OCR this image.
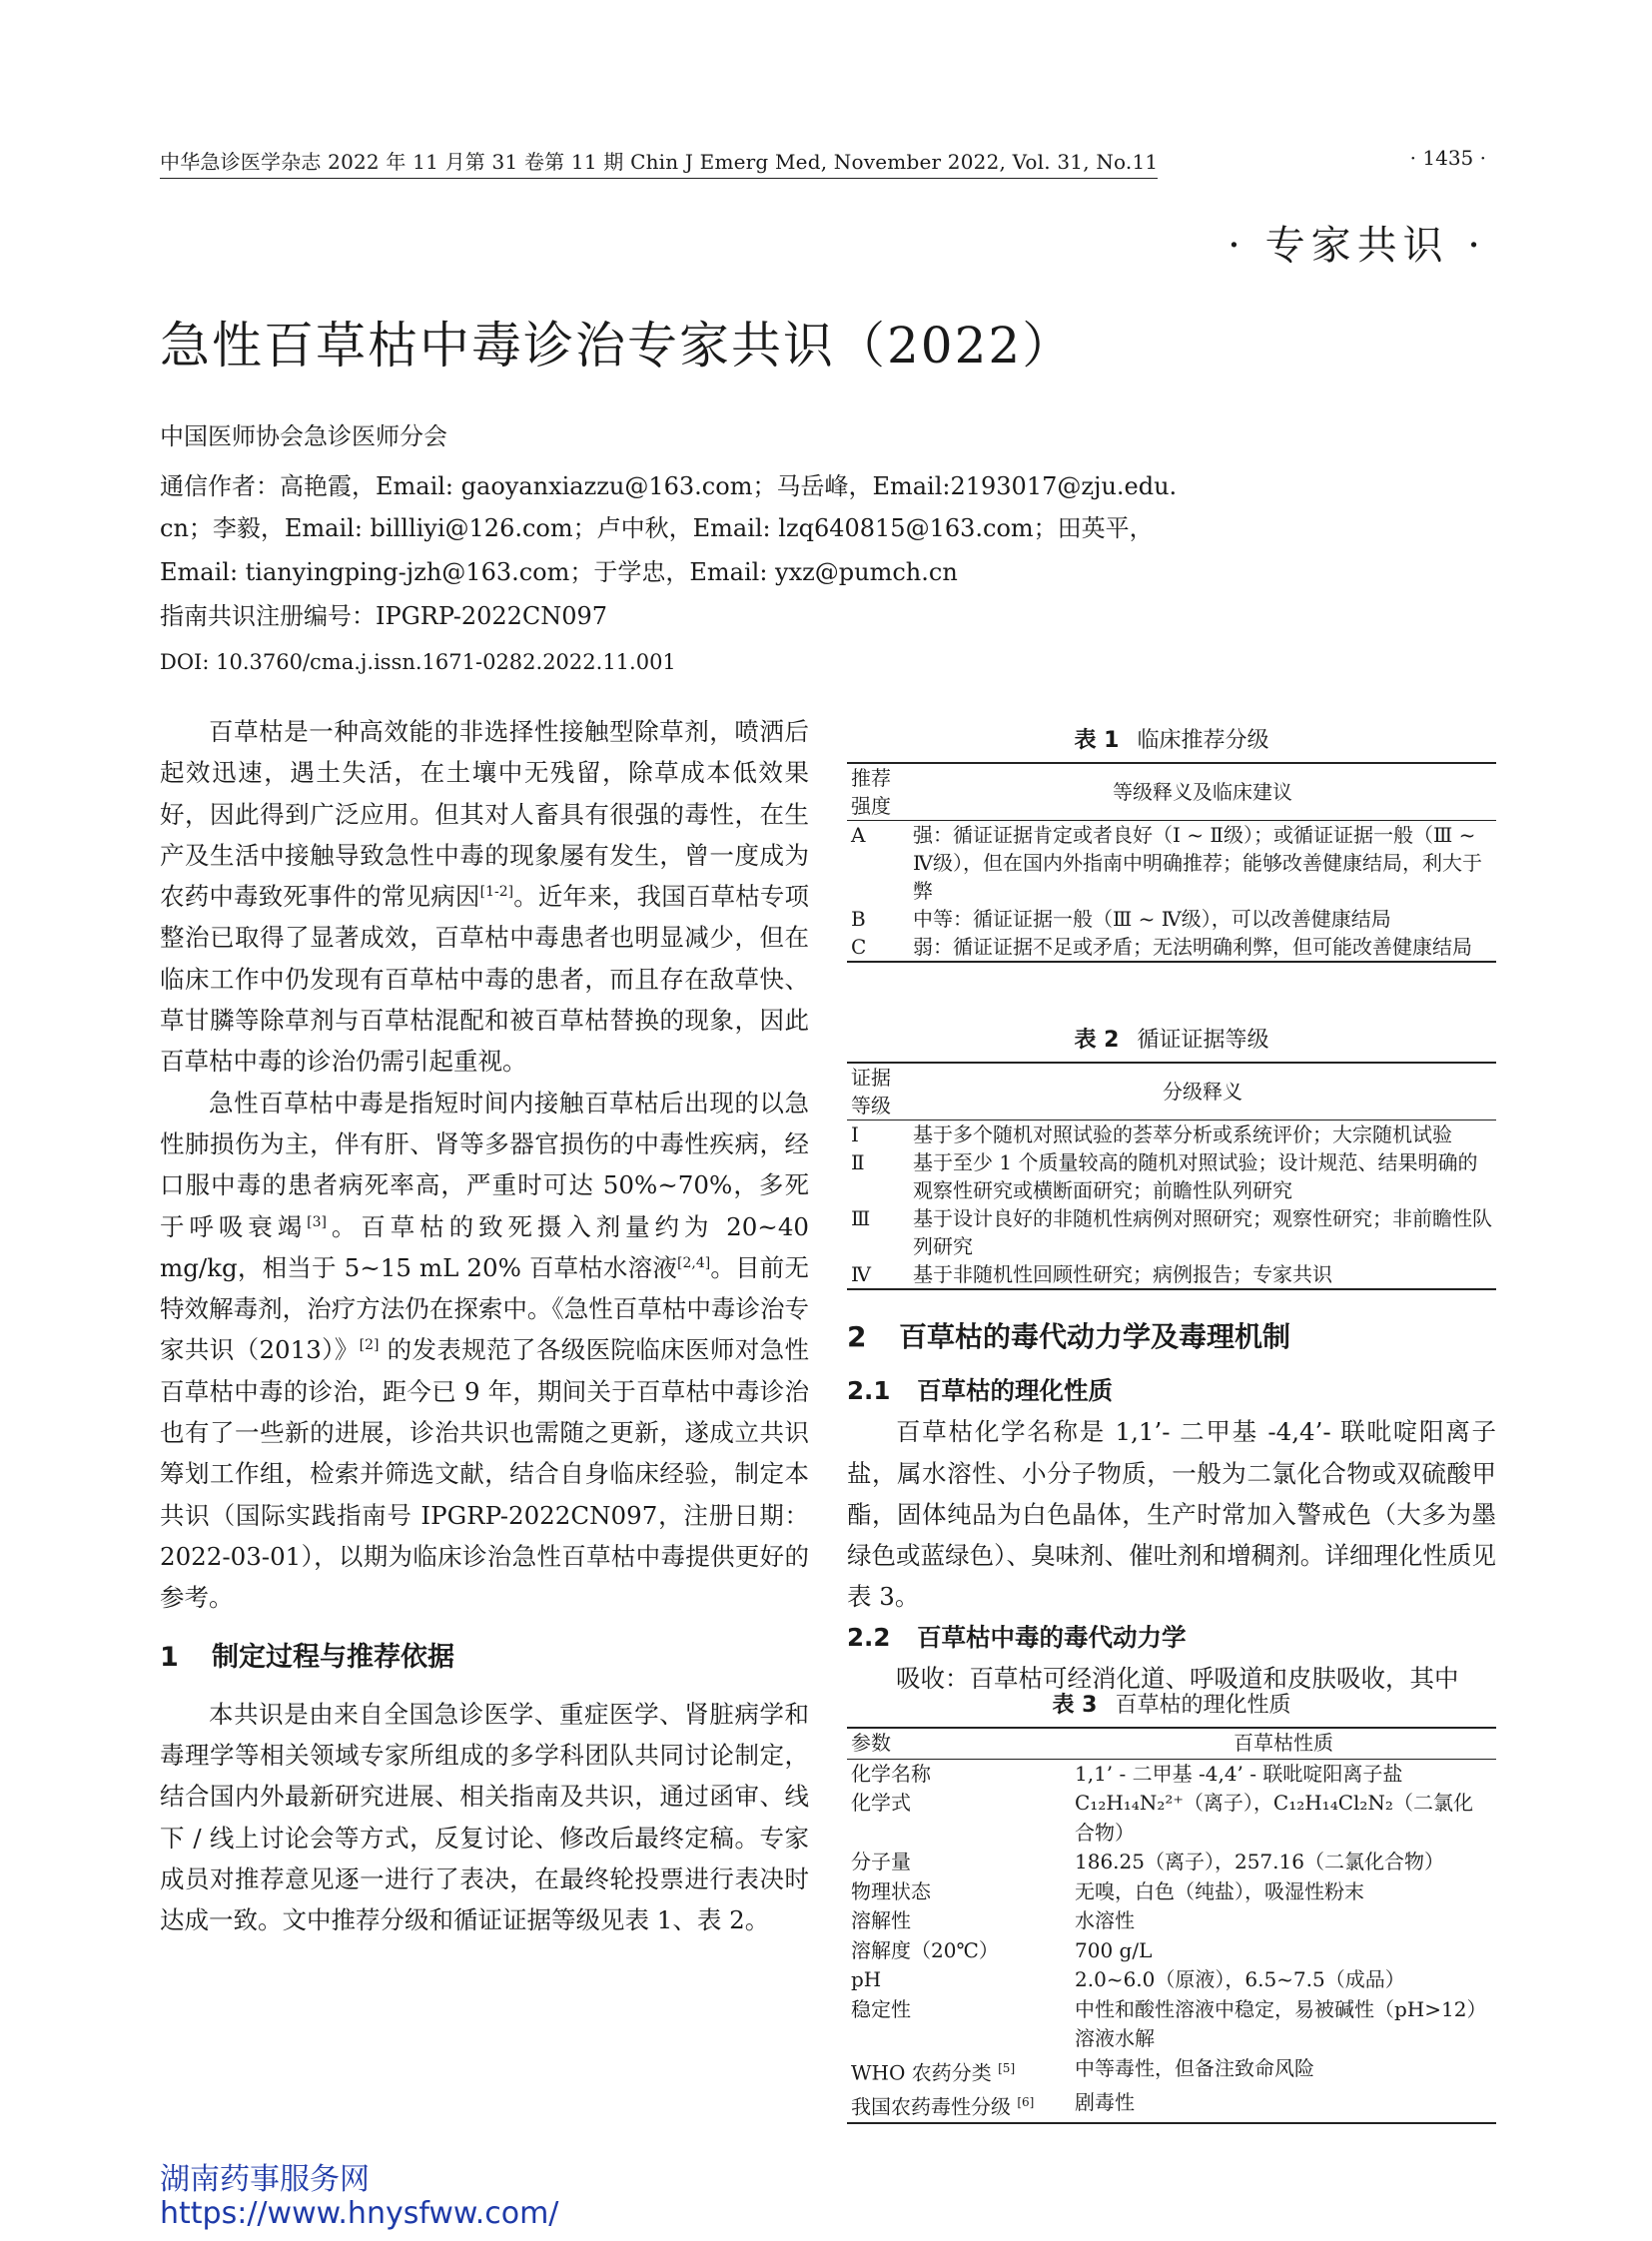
中华急诊医学杂志 2022 年 11 月第 31 卷第 11 期 Chin J Emerg Med, November 2022, Vol. 31, No.11	· 1435 ·
· 专家共识 ·
急性百草枯中毒诊治专家共识（2022）
中国医师协会急诊医师分会
通信作者：高艳霞，Email: gaoyanxiazzu@163.com；马岳峰，Email:2193017@zju.edu.
cn；李毅，Email: billliyi@126.com；卢中秋，Email: lzq640815@163.com；田英平，
Email: tianyingping-jzh@163.com；于学忠，Email: yxz@pumch.cn
指南共识注册编号：IPGRP-2022CN097
DOI: 10.3760/cma.j.issn.1671-0282.2022.11.001

百草枯是一种高效能的非选择性接触型除草剂，喷洒后起效迅速，遇土失活，在土壤中无残留，除草成本低效果好，因此得到广泛应用。但其对人畜具有很强的毒性，在生产及生活中接触导致急性中毒的现象屡有发生，曾一度成为农药中毒致死事件的常见病因[1-2]。近年来，我国百草枯专项整治已取得了显著成效，百草枯中毒患者也明显减少，但在临床工作中仍发现有百草枯中毒的患者，而且存在敌草快、草甘膦等除草剂与百草枯混配和被百草枯替换的现象，因此百草枯中毒的诊治仍需引起重视。

急性百草枯中毒是指短时间内接触百草枯后出现的以急性肺损伤为主，伴有肝、肾等多器官损伤的中毒性疾病，经口服中毒的患者病死率高，严重时可达 50%~70%，多死于呼吸衰竭[3]。百草枯的致死摄入剂量约为 20~40 mg/kg，相当于 5~15 mL 20% 百草枯水溶液[2,4]。目前无特效解毒剂，治疗方法仍在探索中。《急性百草枯中毒诊治专家共识（2013）》[2] 的发表规范了各级医院临床医师对急性百草枯中毒的诊治，距今已 9 年，期间关于百草枯中毒诊治也有了一些新的进展，诊治共识也需随之更新，遂成立共识筹划工作组，检索并筛选文献，结合自身临床经验，制定本共识（国际实践指南号 IPGRP-2022CN097，注册日期：2022-03-01），以期为临床诊治急性百草枯中毒提供更好的参考。

1 制定过程与推荐依据

本共识是由来自全国急诊医学、重症医学、肾脏病学和毒理学等相关领域专家所组成的多学科团队共同讨论制定，结合国内外最新研究进展、相关指南及共识，通过函审、线下 / 线上讨论会等方式，反复讨论、修改后最终定稿。专家成员对推荐意见逐一进行了表决，在最终轮投票进行表决时达成一致。文中推荐分级和循证证据等级见表 1、表 2。

表 1 临床推荐分级
推荐强度	等级释义及临床建议
A	强：循证证据肯定或者良好（Ⅰ ~ Ⅱ级）；或循证证据一般（Ⅲ ~ Ⅳ级），但在国内外指南中明确推荐；能够改善健康结局，利大于弊
B	中等：循证证据一般（Ⅲ ~ Ⅳ级），可以改善健康结局
C	弱：循证证据不足或矛盾；无法明确利弊，但可能改善健康结局
表 2 循证证据等级
证据等级	分级释义
Ⅰ	基于多个随机对照试验的荟萃分析或系统评价；大宗随机试验
Ⅱ	基于至少 1 个质量较高的随机对照试验；设计规范、结果明确的观察性研究或横断面研究；前瞻性队列研究
Ⅲ	基于设计良好的非随机性病例对照研究；观察性研究；非前瞻性队列研究
Ⅳ	基于非随机性回顾性研究；病例报告；专家共识
2 百草枯的毒代动力学及毒理机制
2.1 百草枯的理化性质

百草枯化学名称是 1,1’- 二甲基 -4,4’- 联吡啶阳离子盐，属水溶性、小分子物质，一般为二氯化合物或双硫酸甲酯，固体纯品为白色晶体，生产时常加入警戒色（大多为墨绿色或蓝绿色）、臭味剂、催吐剂和增稠剂。详细理化性质见表 3。

2.2 百草枯中毒的毒代动力学

吸收：百草枯可经消化道、呼吸道和皮肤吸收，其中

表 3 百草枯的理化性质
参数	百草枯性质
化学名称	1,1’ - 二甲基 -4,4’ - 联吡啶阳离子盐
化学式	C₁₂H₁₄N₂²⁺（离子），C₁₂H₁₄Cl₂N₂（二氯化合物）
分子量	186.25（离子），257.16（二氯化合物）
物理状态	无嗅，白色（纯盐），吸湿性粉末
溶解性	水溶性
溶解度（20℃）	700 g/L
pH	2.0~6.0（原液），6.5~7.5（成品）
稳定性	中性和酸性溶液中稳定，易被碱性（pH>12）溶液水解
WHO 农药分类 [5]	中等毒性，但备注致命风险
我国农药毒性分级 [6]	剧毒性
湖南药事服务网
https://www.hnysfww.com/
